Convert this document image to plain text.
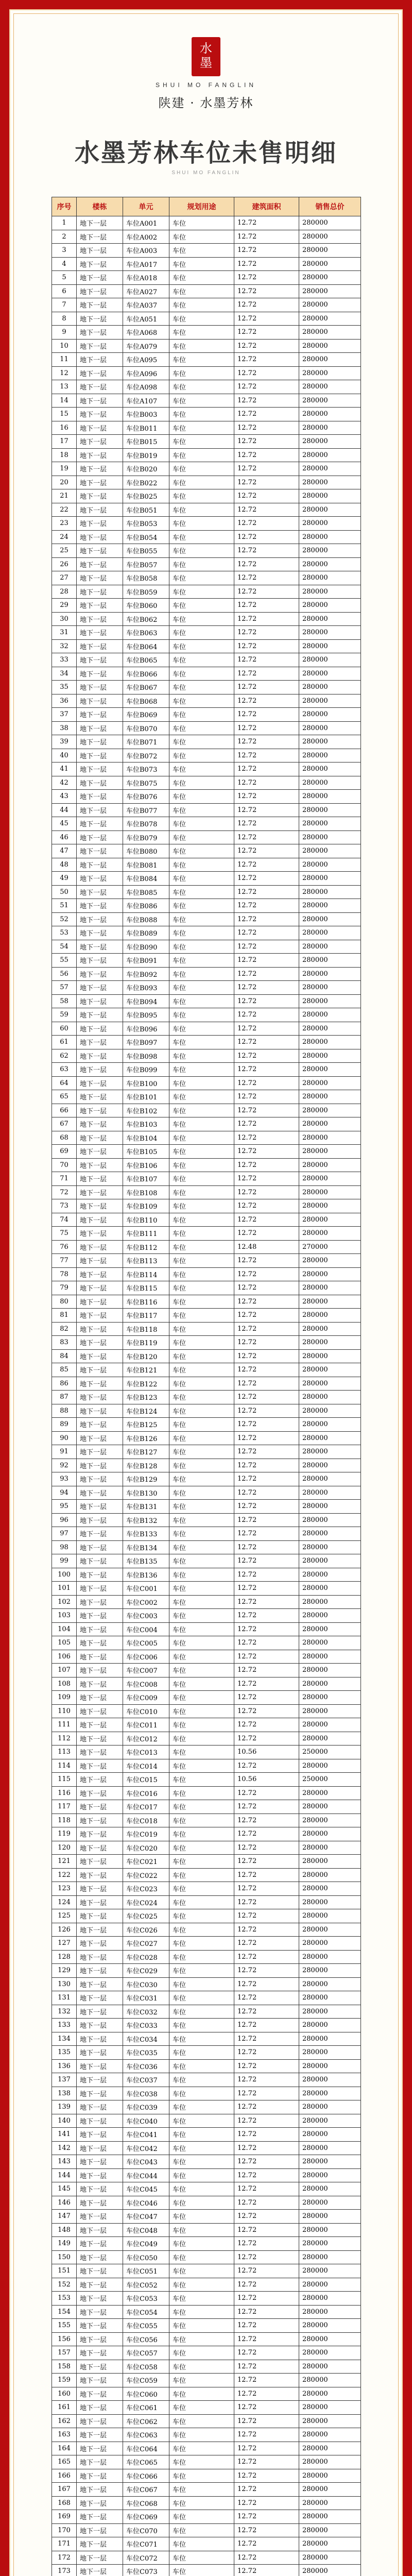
水
墨
SHUI MO FANGLIN
陕建 · 水墨芳林
水墨芳林车位未售明细
SHUI MO FANGLIN
序号	楼栋	单元	规划用途	建筑面积	销售总价
1	地下一层	车位A001	车位	12.72	280000
2	地下一层	车位A002	车位	12.72	280000
3	地下一层	车位A003	车位	12.72	280000
4	地下一层	车位A017	车位	12.72	280000
5	地下一层	车位A018	车位	12.72	280000
6	地下一层	车位A027	车位	12.72	280000
7	地下一层	车位A037	车位	12.72	280000
8	地下一层	车位A051	车位	12.72	280000
9	地下一层	车位A068	车位	12.72	280000
10	地下一层	车位A079	车位	12.72	280000
11	地下一层	车位A095	车位	12.72	280000
12	地下一层	车位A096	车位	12.72	280000
13	地下一层	车位A098	车位	12.72	280000
14	地下一层	车位A107	车位	12.72	280000
15	地下一层	车位B003	车位	12.72	280000
16	地下一层	车位B011	车位	12.72	280000
17	地下一层	车位B015	车位	12.72	280000
18	地下一层	车位B019	车位	12.72	280000
19	地下一层	车位B020	车位	12.72	280000
20	地下一层	车位B022	车位	12.72	280000
21	地下一层	车位B025	车位	12.72	280000
22	地下一层	车位B051	车位	12.72	280000
23	地下一层	车位B053	车位	12.72	280000
24	地下一层	车位B054	车位	12.72	280000
25	地下一层	车位B055	车位	12.72	280000
26	地下一层	车位B057	车位	12.72	280000
27	地下一层	车位B058	车位	12.72	280000
28	地下一层	车位B059	车位	12.72	280000
29	地下一层	车位B060	车位	12.72	280000
30	地下一层	车位B062	车位	12.72	280000
31	地下一层	车位B063	车位	12.72	280000
32	地下一层	车位B064	车位	12.72	280000
33	地下一层	车位B065	车位	12.72	280000
34	地下一层	车位B066	车位	12.72	280000
35	地下一层	车位B067	车位	12.72	280000
36	地下一层	车位B068	车位	12.72	280000
37	地下一层	车位B069	车位	12.72	280000
38	地下一层	车位B070	车位	12.72	280000
39	地下一层	车位B071	车位	12.72	280000
40	地下一层	车位B072	车位	12.72	280000
41	地下一层	车位B073	车位	12.72	280000
42	地下一层	车位B075	车位	12.72	280000
43	地下一层	车位B076	车位	12.72	280000
44	地下一层	车位B077	车位	12.72	280000
45	地下一层	车位B078	车位	12.72	280000
46	地下一层	车位B079	车位	12.72	280000
47	地下一层	车位B080	车位	12.72	280000
48	地下一层	车位B081	车位	12.72	280000
49	地下一层	车位B084	车位	12.72	280000
50	地下一层	车位B085	车位	12.72	280000
51	地下一层	车位B086	车位	12.72	280000
52	地下一层	车位B088	车位	12.72	280000
53	地下一层	车位B089	车位	12.72	280000
54	地下一层	车位B090	车位	12.72	280000
55	地下一层	车位B091	车位	12.72	280000
56	地下一层	车位B092	车位	12.72	280000
57	地下一层	车位B093	车位	12.72	280000
58	地下一层	车位B094	车位	12.72	280000
59	地下一层	车位B095	车位	12.72	280000
60	地下一层	车位B096	车位	12.72	280000
61	地下一层	车位B097	车位	12.72	280000
62	地下一层	车位B098	车位	12.72	280000
63	地下一层	车位B099	车位	12.72	280000
64	地下一层	车位B100	车位	12.72	280000
65	地下一层	车位B101	车位	12.72	280000
66	地下一层	车位B102	车位	12.72	280000
67	地下一层	车位B103	车位	12.72	280000
68	地下一层	车位B104	车位	12.72	280000
69	地下一层	车位B105	车位	12.72	280000
70	地下一层	车位B106	车位	12.72	280000
71	地下一层	车位B107	车位	12.72	280000
72	地下一层	车位B108	车位	12.72	280000
73	地下一层	车位B109	车位	12.72	280000
74	地下一层	车位B110	车位	12.72	280000
75	地下一层	车位B111	车位	12.72	280000
76	地下一层	车位B112	车位	12.48	270000
77	地下一层	车位B113	车位	12.72	280000
78	地下一层	车位B114	车位	12.72	280000
79	地下一层	车位B115	车位	12.72	280000
80	地下一层	车位B116	车位	12.72	280000
81	地下一层	车位B117	车位	12.72	280000
82	地下一层	车位B118	车位	12.72	280000
83	地下一层	车位B119	车位	12.72	280000
84	地下一层	车位B120	车位	12.72	280000
85	地下一层	车位B121	车位	12.72	280000
86	地下一层	车位B122	车位	12.72	280000
87	地下一层	车位B123	车位	12.72	280000
88	地下一层	车位B124	车位	12.72	280000
89	地下一层	车位B125	车位	12.72	280000
90	地下一层	车位B126	车位	12.72	280000
91	地下一层	车位B127	车位	12.72	280000
92	地下一层	车位B128	车位	12.72	280000
93	地下一层	车位B129	车位	12.72	280000
94	地下一层	车位B130	车位	12.72	280000
95	地下一层	车位B131	车位	12.72	280000
96	地下一层	车位B132	车位	12.72	280000
97	地下一层	车位B133	车位	12.72	280000
98	地下一层	车位B134	车位	12.72	280000
99	地下一层	车位B135	车位	12.72	280000
100	地下一层	车位B136	车位	12.72	280000
101	地下一层	车位C001	车位	12.72	280000
102	地下一层	车位C002	车位	12.72	280000
103	地下一层	车位C003	车位	12.72	280000
104	地下一层	车位C004	车位	12.72	280000
105	地下一层	车位C005	车位	12.72	280000
106	地下一层	车位C006	车位	12.72	280000
107	地下一层	车位C007	车位	12.72	280000
108	地下一层	车位C008	车位	12.72	280000
109	地下一层	车位C009	车位	12.72	280000
110	地下一层	车位C010	车位	12.72	280000
111	地下一层	车位C011	车位	12.72	280000
112	地下一层	车位C012	车位	12.72	280000
113	地下一层	车位C013	车位	10.56	250000
114	地下一层	车位C014	车位	12.72	280000
115	地下一层	车位C015	车位	10.56	250000
116	地下一层	车位C016	车位	12.72	280000
117	地下一层	车位C017	车位	12.72	280000
118	地下一层	车位C018	车位	12.72	280000
119	地下一层	车位C019	车位	12.72	280000
120	地下一层	车位C020	车位	12.72	280000
121	地下一层	车位C021	车位	12.72	280000
122	地下一层	车位C022	车位	12.72	280000
123	地下一层	车位C023	车位	12.72	280000
124	地下一层	车位C024	车位	12.72	280000
125	地下一层	车位C025	车位	12.72	280000
126	地下一层	车位C026	车位	12.72	280000
127	地下一层	车位C027	车位	12.72	280000
128	地下一层	车位C028	车位	12.72	280000
129	地下一层	车位C029	车位	12.72	280000
130	地下一层	车位C030	车位	12.72	280000
131	地下一层	车位C031	车位	12.72	280000
132	地下一层	车位C032	车位	12.72	280000
133	地下一层	车位C033	车位	12.72	280000
134	地下一层	车位C034	车位	12.72	280000
135	地下一层	车位C035	车位	12.72	280000
136	地下一层	车位C036	车位	12.72	280000
137	地下一层	车位C037	车位	12.72	280000
138	地下一层	车位C038	车位	12.72	280000
139	地下一层	车位C039	车位	12.72	280000
140	地下一层	车位C040	车位	12.72	280000
141	地下一层	车位C041	车位	12.72	280000
142	地下一层	车位C042	车位	12.72	280000
143	地下一层	车位C043	车位	12.72	280000
144	地下一层	车位C044	车位	12.72	280000
145	地下一层	车位C045	车位	12.72	280000
146	地下一层	车位C046	车位	12.72	280000
147	地下一层	车位C047	车位	12.72	280000
148	地下一层	车位C048	车位	12.72	280000
149	地下一层	车位C049	车位	12.72	280000
150	地下一层	车位C050	车位	12.72	280000
151	地下一层	车位C051	车位	12.72	280000
152	地下一层	车位C052	车位	12.72	280000
153	地下一层	车位C053	车位	12.72	280000
154	地下一层	车位C054	车位	12.72	280000
155	地下一层	车位C055	车位	12.72	280000
156	地下一层	车位C056	车位	12.72	280000
157	地下一层	车位C057	车位	12.72	280000
158	地下一层	车位C058	车位	12.72	280000
159	地下一层	车位C059	车位	12.72	280000
160	地下一层	车位C060	车位	12.72	280000
161	地下一层	车位C061	车位	12.72	280000
162	地下一层	车位C062	车位	12.72	280000
163	地下一层	车位C063	车位	12.72	280000
164	地下一层	车位C064	车位	12.72	280000
165	地下一层	车位C065	车位	12.72	280000
166	地下一层	车位C066	车位	12.72	280000
167	地下一层	车位C067	车位	12.72	280000
168	地下一层	车位C068	车位	12.72	280000
169	地下一层	车位C069	车位	12.72	280000
170	地下一层	车位C070	车位	12.72	280000
171	地下一层	车位C071	车位	12.72	280000
172	地下一层	车位C072	车位	12.72	280000
173	地下一层	车位C073	车位	12.72	280000
